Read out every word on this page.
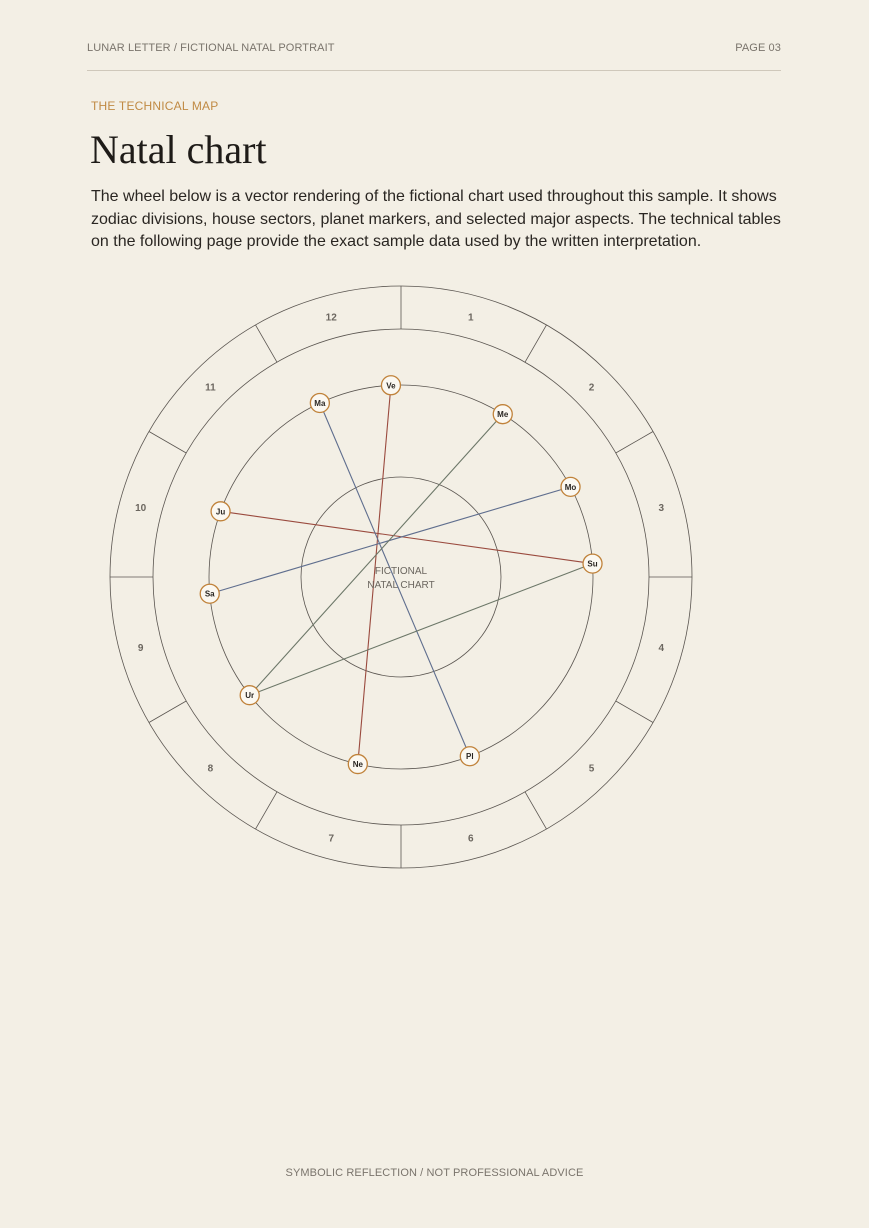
LUNAR LETTER / FICTIONAL NATAL PORTRAIT	PAGE 03
THE TECHNICAL MAP
Natal chart

The wheel below is a vector rendering of the fictional chart used throughout this sample. It shows zodiac divisions, house sectors, planet markers, and selected major aspects. The technical tables on the following page provide the exact sample data used by the written interpretation.

1
2
3
4
5
6
7
8
9
10
11
12
Ve
Me
Mo
Su
Pl
Ne
Ur
Sa
Ju
Ma
FICTIONAL
NATAL CHART
SYMBOLIC REFLECTION / NOT PROFESSIONAL ADVICE
